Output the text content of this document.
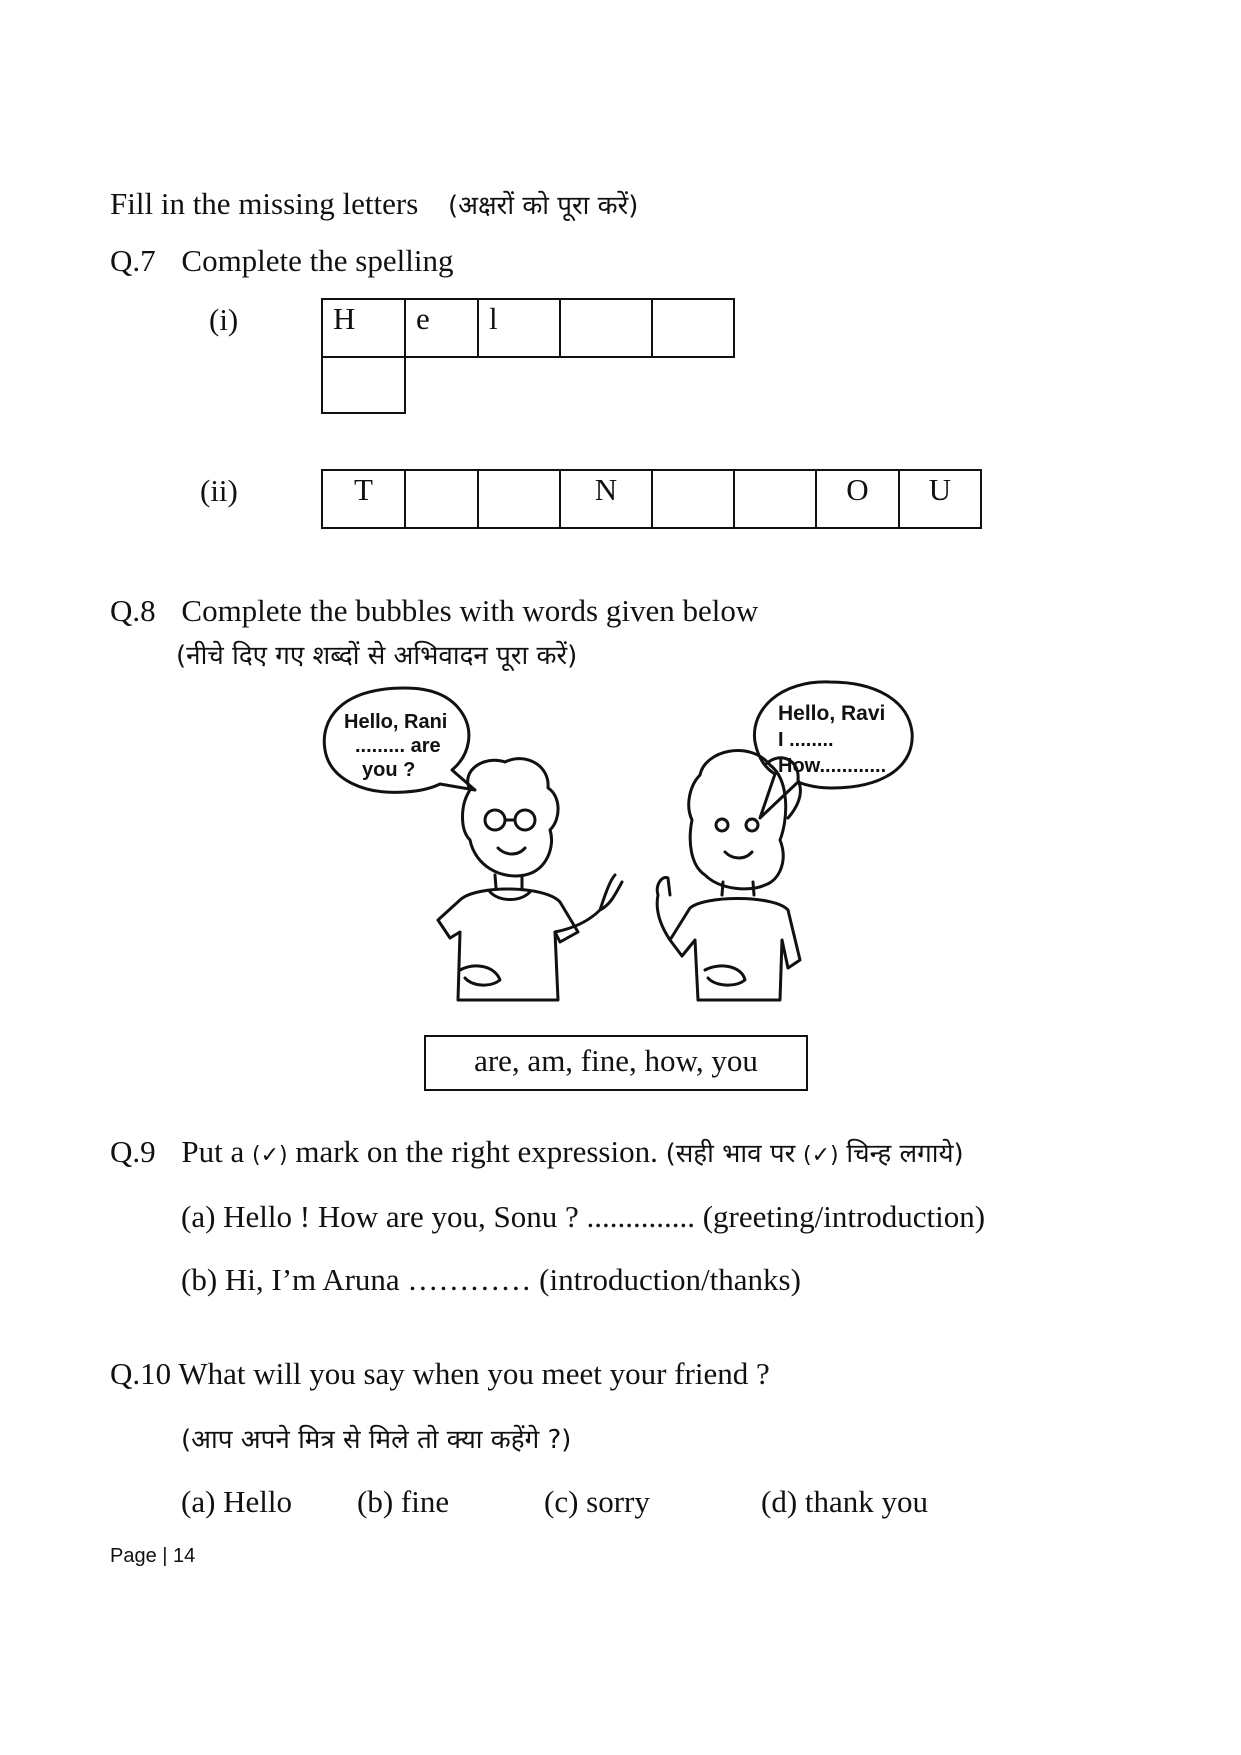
Fill in the missing letters (अक्षरों को पूरा करें)
Q.7 Complete the spelling
(i)	H	e	l
(ii)	T	N	O	U
Q.8 Complete the bubbles with words given below
(नीचे दिए गए शब्दों से अभिवादन पूरा करें)
Hello, Rani
......... are
you ?
Hello, Ravi
I ........
How............
are, am, fine, how, you
Q.9 Put a (✓) mark on the right expression. (सही भाव पर (✓) चिन्ह लगाये)
(a) Hello ! How are you, Sonu ? .............. (greeting/introduction)
(b) Hi, I’m Aruna ………… (introduction/thanks)
Q.10 What will you say when you meet your friend ?
(आप अपने मित्र से मिले तो क्या कहेंगे ?)
(a) Hello (b) fine	(c) sorry	(d) thank you
Page | 14
